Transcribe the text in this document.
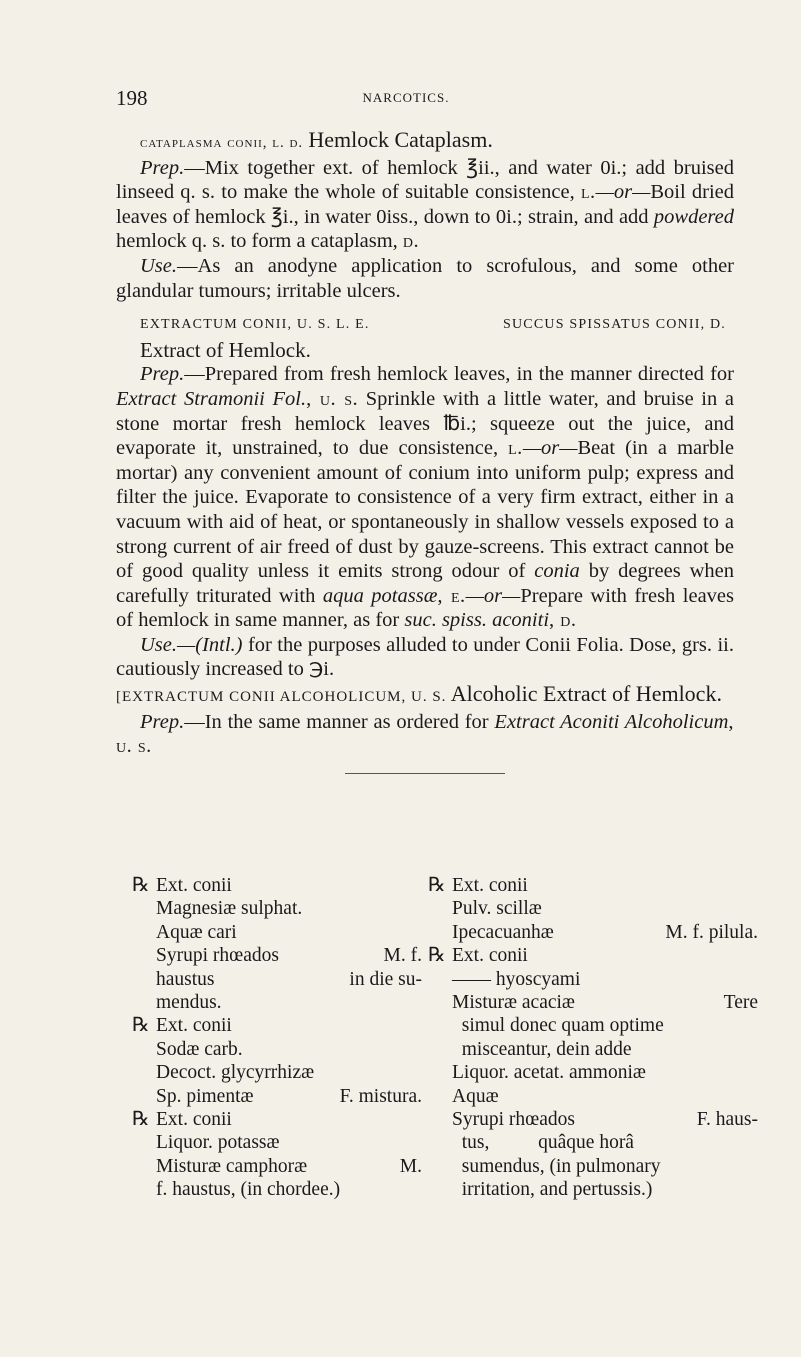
198	NARCOTICS.

cataplasma conii, l. d. Hemlock Cataplasm.

Prep.—Mix together ext. of hemlock ℥ii., and water 0i.; add bruised linseed q. s. to make the whole of suitable consistence, l.—or—Boil dried leaves of hemlock ℥i., in water 0iss., down to 0i.; strain, and add powdered hemlock q. s. to form a cataplasm, d.

Use.—As an anodyne application to scrofulous, and some other glandular tumours; irritable ulcers.

EXTRACTUM CONII, U. S. L. E.	SUCCUS SPISSATUS CONII, D.
Extract of Hemlock.

Prep.—Prepared from fresh hemlock leaves, in the manner directed for Extract Stramonii Fol., u. s. Sprinkle with a little water, and bruise in a stone mortar fresh hemlock leaves ℔i.; squeeze out the juice, and evaporate it, unstrained, to due consistence, l.—or—Beat (in a marble mortar) any convenient amount of conium into uniform pulp; express and filter the juice. Evaporate to consistence of a very firm extract, either in a vacuum with aid of heat, or spontaneously in shallow vessels exposed to a strong current of air freed of dust by gauze-screens. This extract cannot be of good quality unless it emits strong odour of conia by degrees when carefully triturated with aqua potassæ, e.—or—Prepare with fresh leaves of hemlock in same manner, as for suc. spiss. aconiti, d.

Use.—(Intl.) for the purposes alluded to under Conii Folia. Dose, grs. ii. cautiously increased to ℈i.

[EXTRACTUM CONII ALCOHOLICUM, U. S. Alcoholic Extract of Hemlock.

Prep.—In the same manner as ordered for Extract Aconiti Alcoholicum, u. s.

℞ Ext. conii
Magnesiæ sulphat.
Aquæ cari
Syrupi rhœados	M. f.
haustus	in die su-
mendus.
℞ Ext. conii
Sodæ carb.
Decoct. glycyrrhizæ
Sp. pimentæ	F. mistura.
℞ Ext. conii
Liquor. potassæ
Misturæ camphoræ	M.
f. haustus, (in chordee.)
℞ Ext. conii
Pulv. scillæ
Ipecacuanhæ	M. f. pilula.
℞ Ext. conii
—— hyoscyami
Misturæ acaciæ	Tere
simul donec quam optime
misceantur, dein adde
Liquor. acetat. ammoniæ
Aquæ
Syrupi rhœados	F. haus-
tus,          quâque horâ
sumendus, (in pulmonary
irritation, and pertussis.)
